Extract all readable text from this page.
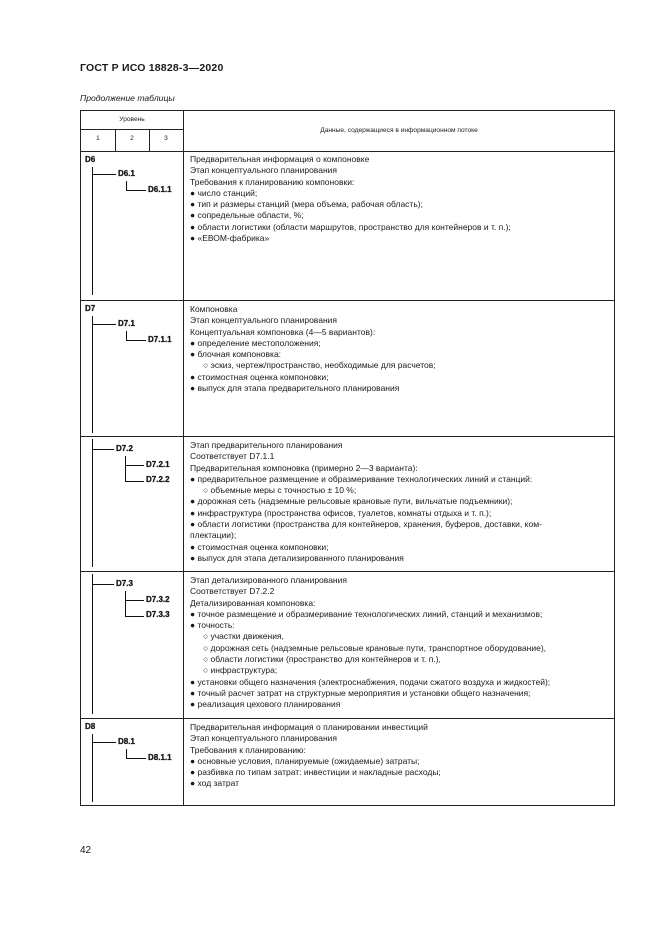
ГОСТ Р ИСО 18828-3—2020
Продолжение таблицы
Уровень
1	2	3
Данные, содержащиеся в информационном потоке
D6
D6.1
D6.1.1
Предварительная информация о компоновке
Этап концептуального планирования
Требования к планированию компоновки:
● число станций;
● тип и размеры станций (мера объема, рабочая область);
● сопредельные области, %;
● области логистики (области маршрутов, пространство для контейнеров и т. п.);
● «ЕВОМ-фабрика»
D7
D7.1
D7.1.1
Компоновка
Этап концептуального планирования
Концептуальная компоновка (4—5 вариантов):
● определение местоположения;
● блочная компоновка:
○ эскиз, чертеж/пространство, необходимые для расчетов;
● стоимостная оценка компоновки;
● выпуск для этапа предварительного планирования
D7.2
D7.2.1
D7.2.2
Этап предварительного планирования
Соответствует D7.1.1
Предварительная компоновка (примерно 2—3 варианта):
● предварительное размещение и образмеривание технологических линий и станций:
○ объемные меры с точностью ± 10 %;
● дорожная сеть (надземные рельсовые крановые пути, вильчатые подъемники);
● инфраструктура (пространства офисов, туалетов, комнаты отдыха и т. п.);
● области логистики (пространства для контейнеров, хранения, буферов, доставки, ком-
плектации);
● стоимостная оценка компоновки;
● выпуск для этапа детализированного планирования
D7.3
D7.3.2
D7.3.3
Этап детализированного планирования
Соответствует D7.2.2
Детализированная компоновка:
● точное размещение и образмеривание технологических линий, станций и механизмов;
● точность:
○ участки движения,
○ дорожная сеть (надземные рельсовые крановые пути, транспортное оборудование),
○ области логистики (пространство для контейнеров и т. п.),
○ инфраструктура;
● установки общего назначения (электроснабжения, подачи сжатого воздуха и жидкостей);
● точный расчет затрат на структурные мероприятия и установки общего назначения;
● реализация цехового планирования
D8
D8.1
D8.1.1
Предварительная информация о планировании инвестиций
Этап концептуального планирования
Требования к планированию:
● основные условия, планируемые (ожидаемые) затраты;
● разбивка по типам затрат: инвестиции и накладные расходы;
● ход затрат
42
